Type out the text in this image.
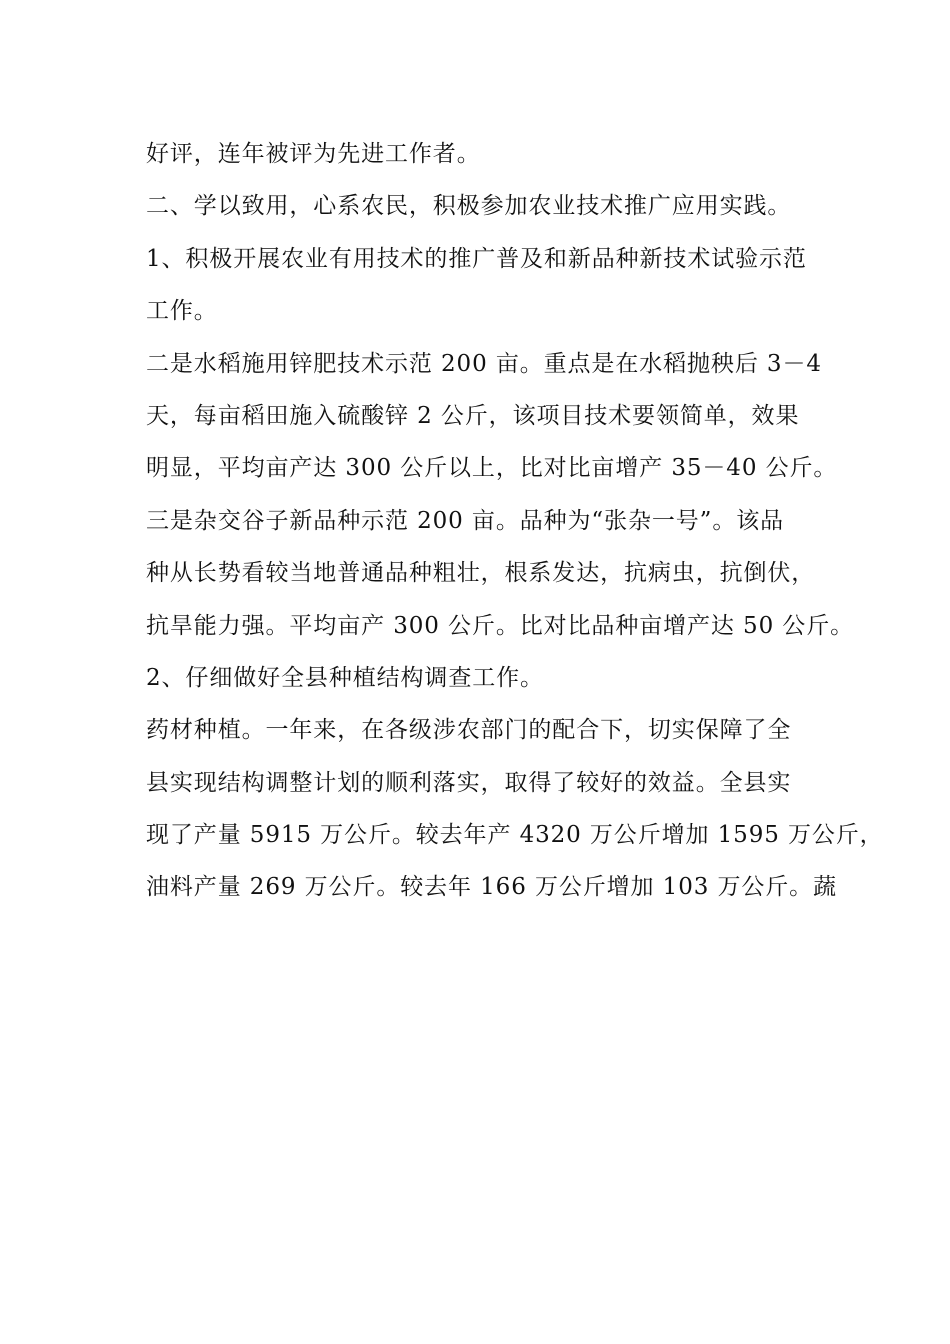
好评，连年被评为先进工作者。
二、学以致用，心系农民，积极参加农业技术推广应用实践。
1、积极开展农业有用技术的推广普及和新品种新技术试验示范
工作。
二是水稻施用锌肥技术示范 200 亩。重点是在水稻抛秧后 3－4
天，每亩稻田施入硫酸锌 2 公斤，该项目技术要领简单，效果
明显，平均亩产达 300 公斤以上，比对比亩增产 35－40 公斤。
三是杂交谷子新品种示范 200 亩。品种为“张杂一号”。该品
种从长势看较当地普通品种粗壮，根系发达，抗病虫，抗倒伏，
抗旱能力强。平均亩产 300 公斤。比对比品种亩增产达 50 公斤。
2、仔细做好全县种植结构调查工作。
药材种植。一年来，在各级涉农部门的配合下，切实保障了全
县实现结构调整计划的顺利落实，取得了较好的效益。全县实
现了产量 5915 万公斤。较去年产 4320 万公斤增加 1595 万公斤，
油料产量 269 万公斤。较去年 166 万公斤增加 103 万公斤。蔬
